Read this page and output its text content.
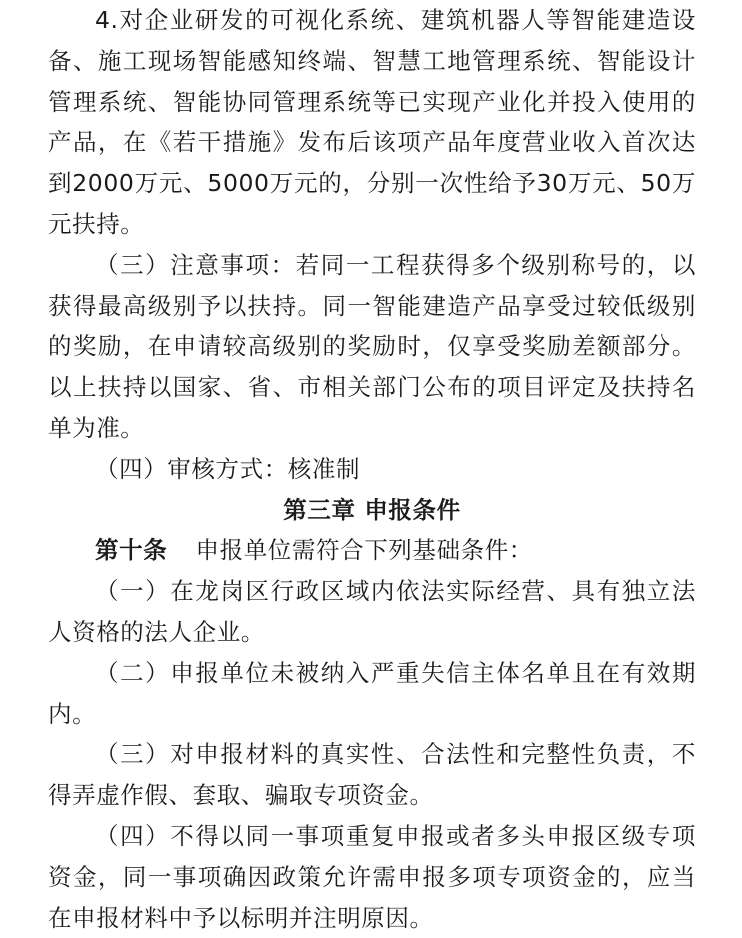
4.对企业研发的可视化系统、建筑机器人等智能建造设备、施工现场智能感知终端、智慧工地管理系统、智能设计管理系统、智能协同管理系统等已实现产业化并投入使用的产品，在《若干措施》发布后该项产品年度营业收入首次达到2000万元、5000万元的，分别一次性给予30万元、50万元扶持。

（三）注意事项：若同一工程获得多个级别称号的，以获得最高级别予以扶持。同一智能建造产品享受过较低级别的奖励，在申请较高级别的奖励时，仅享受奖励差额部分。以上扶持以国家、省、市相关部门公布的项目评定及扶持名单为准。

（四）审核方式：核准制

第三章 申报条件

第十条 申报单位需符合下列基础条件：

（一）在龙岗区行政区域内依法实际经营、具有独立法人资格的法人企业。

（二）申报单位未被纳入严重失信主体名单且在有效期内。

（三）对申报材料的真实性、合法性和完整性负责，不得弄虚作假、套取、骗取专项资金。

（四）不得以同一事项重复申报或者多头申报区级专项资金，同一事项确因政策允许需申报多项专项资金的，应当在申报材料中予以标明并注明原因。
